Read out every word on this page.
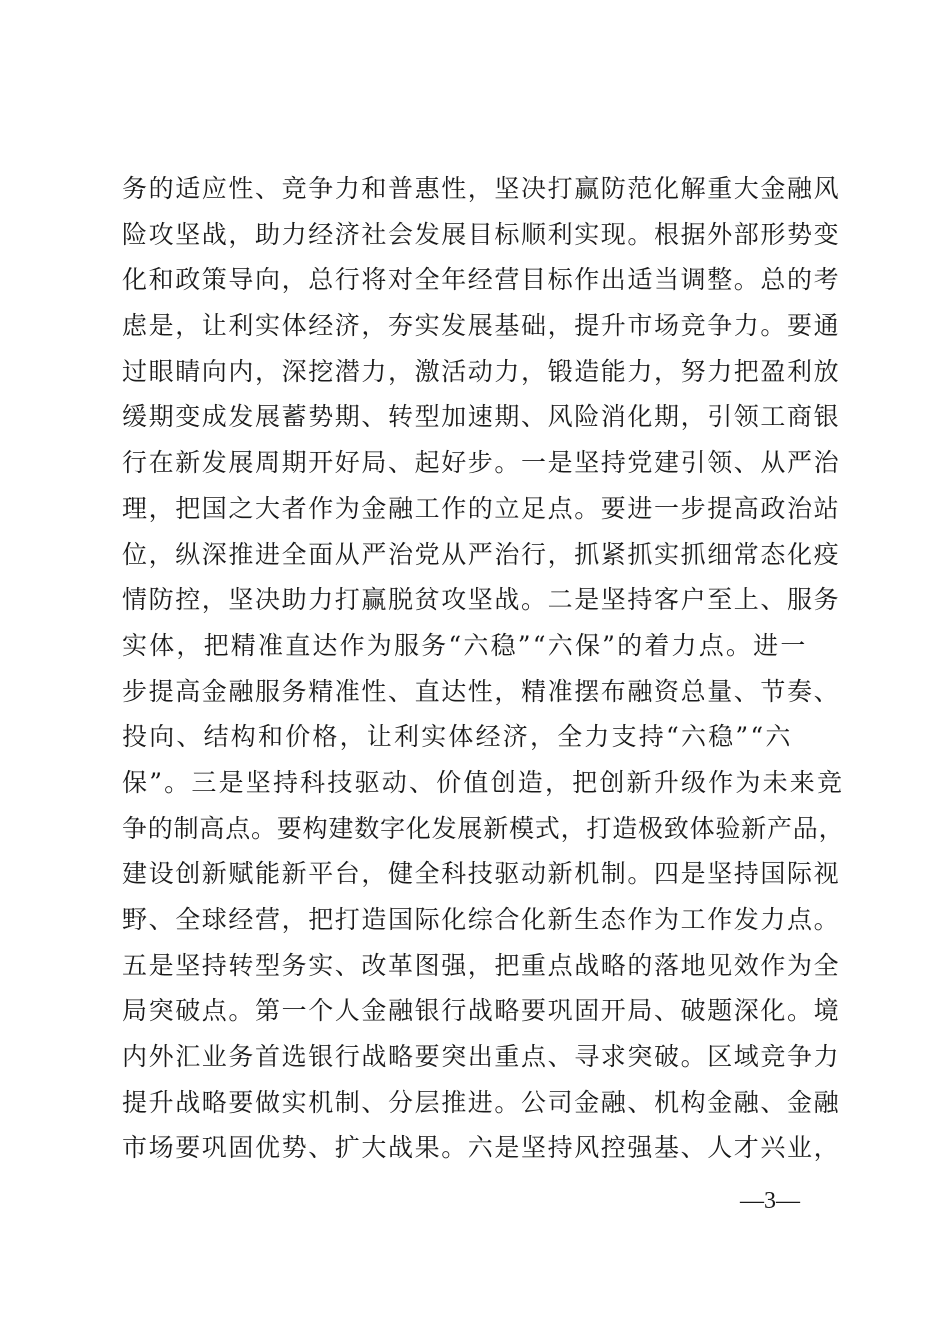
务的适应性、竞争力和普惠性，坚决打赢防范化解重大金融风
险攻坚战，助力经济社会发展目标顺利实现。根据外部形势变
化和政策导向，总行将对全年经营目标作出适当调整。总的考
虑是，让利实体经济，夯实发展基础，提升市场竞争力。要通
过眼睛向内，深挖潜力，激活动力，锻造能力，努力把盈利放
缓期变成发展蓄势期、转型加速期、风险消化期，引领工商银
行在新发展周期开好局、起好步。一是坚持党建引领、从严治
理，把国之大者作为金融工作的立足点。要进一步提高政治站
位，纵深推进全面从严治党从严治行，抓紧抓实抓细常态化疫
情防控，坚决助力打赢脱贫攻坚战。二是坚持客户至上、服务
实体，把精准直达作为服务“六稳”“六保”的着力点。进一
步提高金融服务精准性、直达性，精准摆布融资总量、节奏、
投向、结构和价格，让利实体经济，全力支持“六稳”“六
保”。三是坚持科技驱动、价值创造，把创新升级作为未来竞
争的制高点。要构建数字化发展新模式，打造极致体验新产品，
建设创新赋能新平台，健全科技驱动新机制。四是坚持国际视
野、全球经营，把打造国际化综合化新生态作为工作发力点。
五是坚持转型务实、改革图强，把重点战略的落地见效作为全
局突破点。第一个人金融银行战略要巩固开局、破题深化。境
内外汇业务首选银行战略要突出重点、寻求突破。区域竞争力
提升战略要做实机制、分层推进。公司金融、机构金融、金融
市场要巩固优势、扩大战果。六是坚持风控强基、人才兴业，
—3—
